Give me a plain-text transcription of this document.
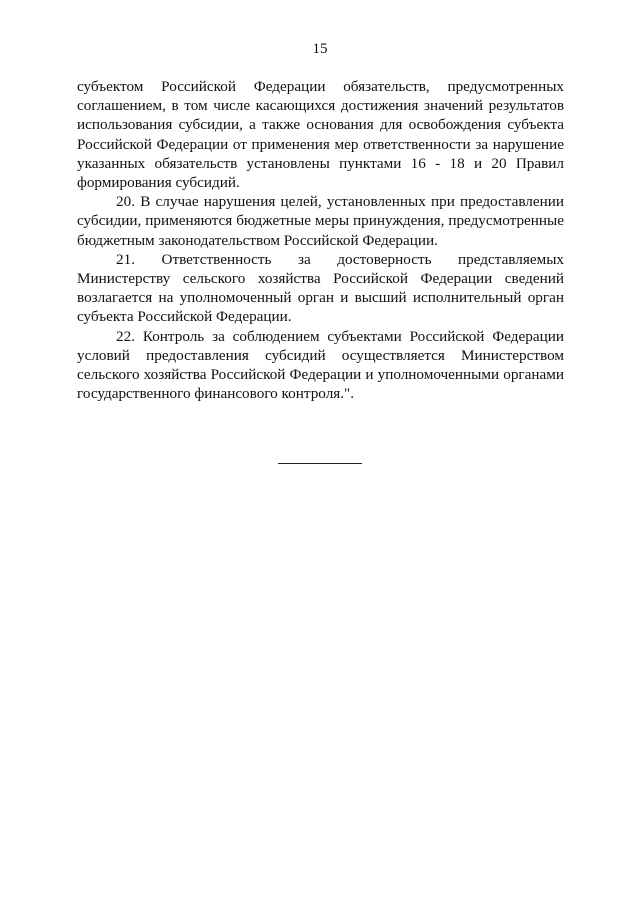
15

субъектом Российской Федерации обязательств, предусмотренных соглашением, в том числе касающихся достижения значений результатов использования субсидии, а также основания для освобождения субъекта Российской Федерации от применения мер ответственности за нарушение указанных обязательств установлены пунктами 16 - 18 и 20 Правил формирования субсидий.

20. В случае нарушения целей, установленных при предоставлении субсидии, применяются бюджетные меры принуждения, предусмотренные бюджетным законодательством Российской Федерации.

21. Ответственность за достоверность представляемых Министерству сельского хозяйства Российской Федерации сведений возлагается на уполномоченный орган и высший исполнительный орган субъекта Российской Федерации.

22. Контроль за соблюдением субъектами Российской Федерации условий предоставления субсидий осуществляется Министерством сельского хозяйства Российской Федерации и уполномоченными органами государственного финансового контроля.".
